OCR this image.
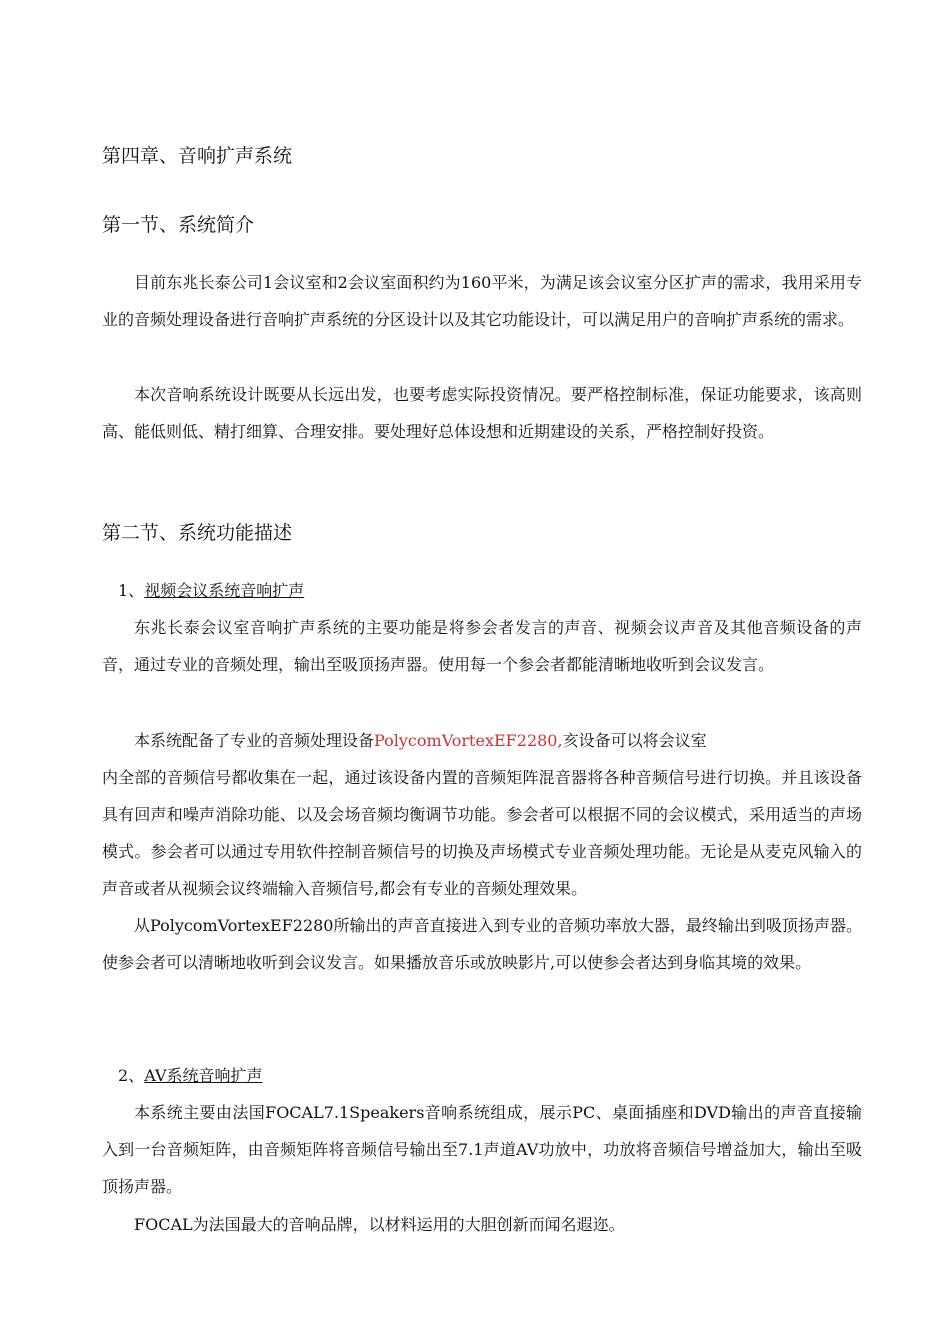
第四章、音响扩声系统
第一节、系统简介
目前东兆长泰公司1会议室和2会议室面积约为160平米，为满足该会议室分区扩声的需求，我用采用专业的音频处理设备进行音响扩声系统的分区设计以及其它功能设计，可以满足用户的音响扩声系统的需求。
本次音响系统设计既要从长远出发，也要考虑实际投资情况。要严格控制标准，保证功能要求，该高则高、能低则低、精打细算、合理安排。要处理好总体设想和近期建设的关系，严格控制好投资。
第二节、系统功能描述
1、视频会议系统音响扩声
东兆长泰会议室音响扩声系统的主要功能是将参会者发言的声音、视频会议声音及其他音频设备的声音，通过专业的音频处理，输出至吸顶扬声器。使用每一个参会者都能清晰地收听到会议发言。
本系统配备了专业的音频处理设备PolycomVortexEF2280,亥设备可以将会议室
内全部的音频信号都收集在一起，通过该设备内置的音频矩阵混音器将各种音频信号进行切换。并且该设备具有回声和噪声消除功能、以及会场音频均衡调节功能。参会者可以根据不同的会议模式，采用适当的声场模式。参会者可以通过专用软件控制音频信号的切换及声场模式专业音频处理功能。无论是从麦克风输入的声音或者从视频会议终端输入音频信号,都会有专业的音频处理效果。
从PolycomVortexEF2280所输出的声音直接进入到专业的音频功率放大器，最终输出到吸顶扬声器。使参会者可以清晰地收听到会议发言。如果播放音乐或放映影片,可以使参会者达到身临其境的效果。
2、AV系统音响扩声
本系统主要由法国FOCAL7.1Speakers音响系统组成，展示PC、桌面插座和DVD输出的声音直接输入到一台音频矩阵，由音频矩阵将音频信号输出至7.1声道AV功放中，功放将音频信号增益加大，输出至吸顶扬声器。
FOCAL为法国最大的音响品牌，以材料运用的大胆创新而闻名遐迩。
